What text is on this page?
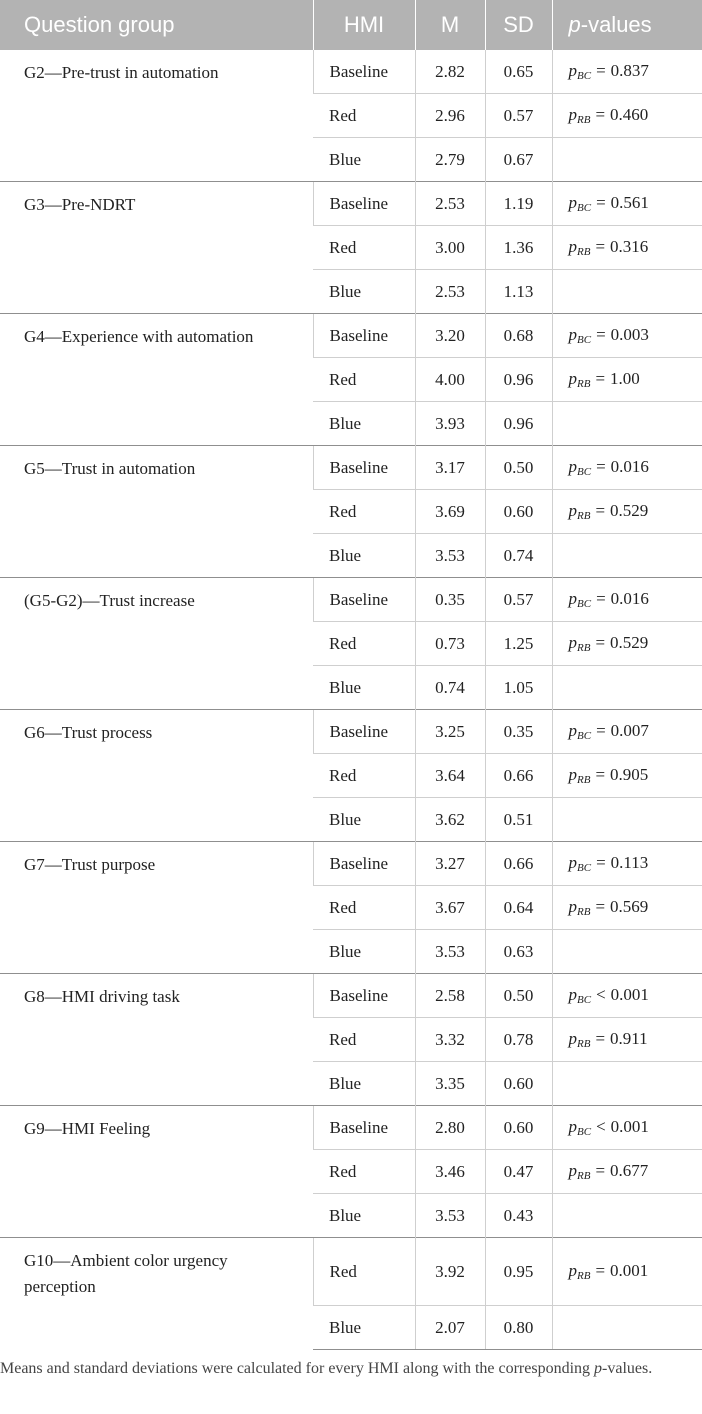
Question group	HMI	M	SD	p-values
G2—Pre-trust in automation	Baseline	2.82	0.65	$p_{BC} = 0.837$
	Red	2.96	0.57	$p_{RB} = 0.460$
	Blue	2.79	0.67	
G3—Pre-NDRT	Baseline	2.53	1.19	$p_{BC} = 0.561$
	Red	3.00	1.36	$p_{RB} = 0.316$
	Blue	2.53	1.13	
G4—Experience with automation	Baseline	3.20	0.68	$p_{BC} = 0.003$
	Red	4.00	0.96	$p_{RB} = 1.00$
	Blue	3.93	0.96	
G5—Trust in automation	Baseline	3.17	0.50	$p_{BC} = 0.016$
	Red	3.69	0.60	$p_{RB} = 0.529$
	Blue	3.53	0.74	
(G5-G2)—Trust increase	Baseline	0.35	0.57	$p_{BC} = 0.016$
	Red	0.73	1.25	$p_{RB} = 0.529$
	Blue	0.74	1.05	
G6—Trust process	Baseline	3.25	0.35	$p_{BC} = 0.007$
	Red	3.64	0.66	$p_{RB} = 0.905$
	Blue	3.62	0.51	
G7—Trust purpose	Baseline	3.27	0.66	$p_{BC} = 0.113$
	Red	3.67	0.64	$p_{RB} = 0.569$
	Blue	3.53	0.63	
G8—HMI driving task	Baseline	2.58	0.50	$p_{BC} < 0.001$
	Red	3.32	0.78	$p_{RB} = 0.911$
	Blue	3.35	0.60	
G9—HMI Feeling	Baseline	2.80	0.60	$p_{BC} < 0.001$
	Red	3.46	0.47	$p_{RB} = 0.677$
	Blue	3.53	0.43	
G10—Ambient color urgency perception	Red	3.92	0.95	$p_{RB} = 0.001$
	Blue	2.07	0.80	
Means and standard deviations were calculated for every HMI along with the corresponding p-values.
